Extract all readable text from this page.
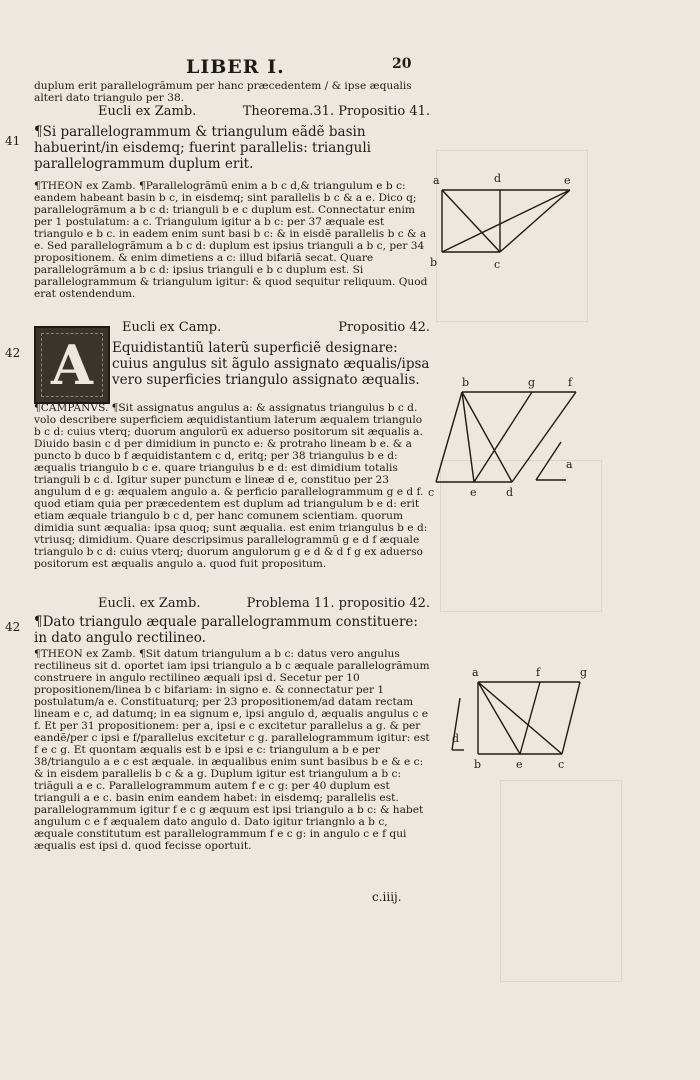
LIBER I.	20
duplum erit parallelogrãmum per hanc præcedentem / & ipse æqualis alteri dato triangulo per 38.
41
Eucli ex Zamb.	Theorema.31. Propositio 41.
¶Si parallelogrammum & triangulum eãdẽ basin habuerint/in eisdemq; fuerint parallelis: trianguli parallelogrammum duplum erit.
¶THEON ex Zamb. ¶Parallelogrãmũ enim a b c d,& triangulum e b c: eandem habeant basin b c, in eisdemq; sint parallelis b c & a e. Dico q; parallelogrãmum a b c d: trianguli b e c duplum est. Connectatur enim per 1 postulatum: a c. Triangulum igitur a b c: per 37 æquale est triangulo e b c. in eadem enim sunt basi b c: & in eisdẽ parallelis b c & a e. Sed parallelogrãmum a b c d: duplum est ipsius trianguli a b c, per 34 propositionem. & enim dimetiens a c: illud bifariã secat. Quare parallelogrãmum a b c d: ipsius trianguli e b c duplum est. Si parallelogrammum & triangulum igitur: & quod sequitur reliquum. Quod erat ostendendum.
a	d	e
b	c
Eucli ex Camp.	Propositio 42.
42 A Equidistantiũ laterũ superficiẽ designare: cuius angulus sit ãgulo assignato æqualis/ipsa vero superficies triangulo assignato æqualis.
¶CAMPANVS. ¶Sit assignatus angulus a: & assignatus triangulus b c d. volo describere superficiem æquidistantium laterum æqualem triangulo b c d: cuius vterq; duorum angulorũ ex aduerso positorum sit æqualis a. Diuido basin c d per dimidium in puncto e: & protraho lineam b e. & a puncto b duco b f æquidistantem c d, eritq; per 38 triangulus b e d: æqualis triangulo b c e. quare triangulus b e d: est dimidium totalis trianguli b c d. Igitur super punctum e lineæ d e, constituo per 23 angulum d e g: æqualem angulo a. & perficio parallelogrammum g e d f. quod etiam quia per præcedentem est duplum ad triangulum b e d: erit etiam æquale triangulo b c d, per hanc comunem scientiam. quorum dimidia sunt æqualia: ipsa quoq; sunt æqualia. est enim triangulus b e d: vtriusq; dimidium. Quare descripsimus parallelogrammũ g e d f æquale triangulo b c d: cuius vterq; duorum angulorum g e d & d f g ex aduerso positorum est æqualis angulo a. quod fuit propositum.
b	g	f
a
c	e	d
Eucli. ex Zamb.	Problema 11. propositio 42.
42 ¶Dato triangulo æquale parallelogrammum constituere: in dato angulo rectilineo.
¶THEON ex Zamb. ¶Sit datum triangulum a b c: datus vero angulus rectilineus sit d. oportet iam ipsi triangulo a b c æquale parallelogrãmum construere in angulo rectilineo æquali ipsi d. Secetur per 10 propositionem/linea b c bifariam: in signo e. & connectatur per 1 postulatum/a e. Constituaturq; per 23 propositionem/ad datam rectam lineam e c, ad datumq; in ea signum e, ipsi angulo d, æqualis angulus c e f. Et per 31 propositionem: per a, ipsi e c excitetur parallelus a g. & per eandẽ/per c ipsi e f/parallelus excitetur c g. parallelogrammum igitur: est f e c g. Et quontam æqualis est b e ipsi e c: triangulum a b e per 38/triangulo a e c est æquale. in æqualibus enim sunt basibus b e & e c: & in eisdem parallelis b c & a g. Duplum igitur est triangulum a b c: triãguli a e c. Parallelogrammum autem f e c g: per 40 duplum est trianguli a e c. basin enim eandem habet: in eisdemq; parallelis est. parallelogrammum igitur f e c g æquum est ipsi triangulo a b c: & habet angulum c e f æqualem dato angulo d. Dato igitur triangnlo a b c, æquale constitutum est parallelogrammum f e c g: in angulo c e f qui æqualis est ipsi d. quod fecisse oportuit.
a	f	g
d
b	e	c
c.iiij.
